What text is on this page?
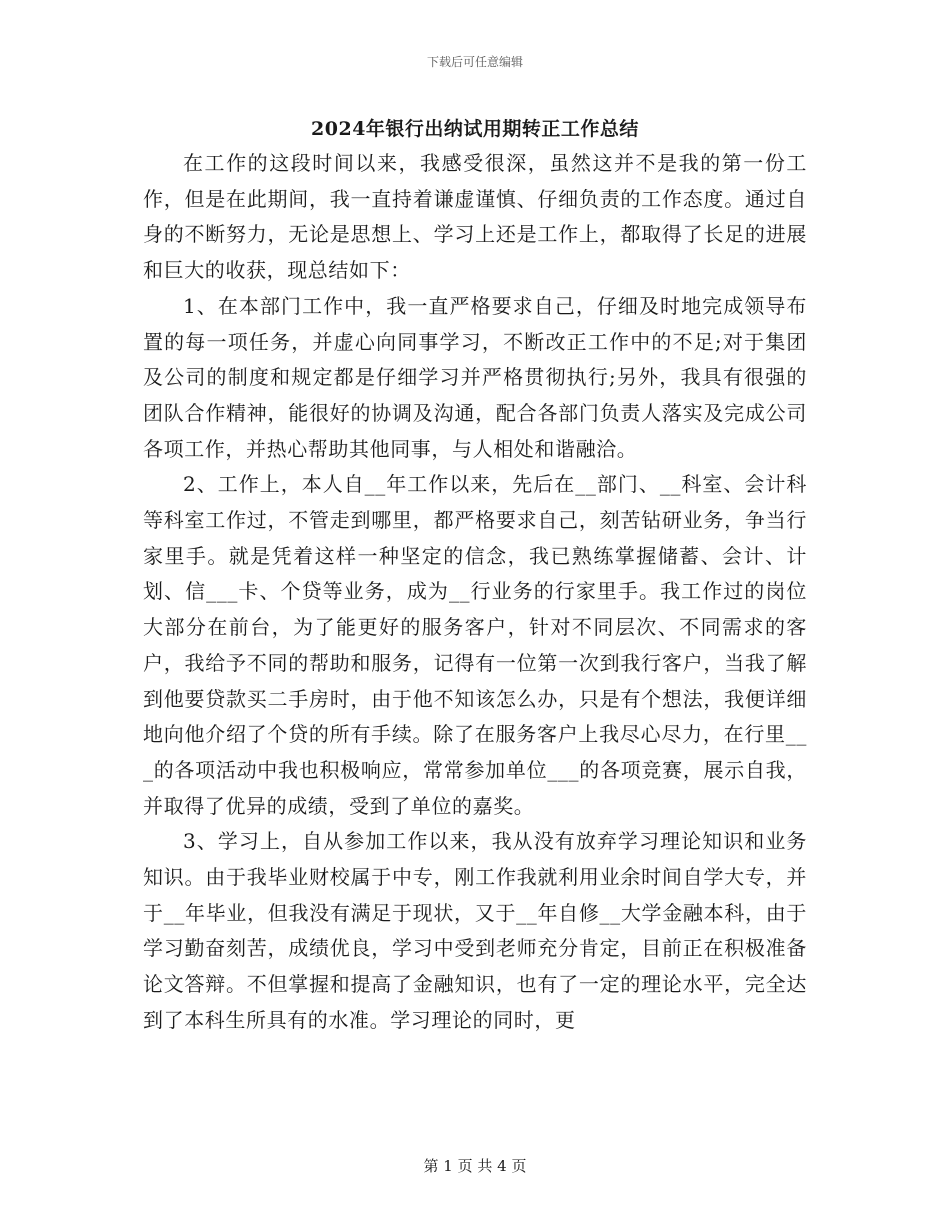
下载后可任意编辑
2024年银行出纳试用期转正工作总结

在工作的这段时间以来，我感受很深，虽然这并不是我的第一份工作，但是在此期间，我一直持着谦虚谨慎、仔细负责的工作态度。通过自身的不断努力，无论是思想上、学习上还是工作上，都取得了长足的进展和巨大的收获，现总结如下：

1、在本部门工作中，我一直严格要求自己，仔细及时地完成领导布置的每一项任务，并虚心向同事学习，不断改正工作中的不足;对于集团及公司的制度和规定都是仔细学习并严格贯彻执行;另外，我具有很强的团队合作精神，能很好的协调及沟通，配合各部门负责人落实及完成公司各项工作，并热心帮助其他同事，与人相处和谐融洽。

2、工作上，本人自__年工作以来，先后在__部门、__科室、会计科等科室工作过，不管走到哪里，都严格要求自己，刻苦钻研业务，争当行家里手。就是凭着这样一种坚定的信念，我已熟练掌握储蓄、会计、计划、信___卡、个贷等业务，成为__行业务的行家里手。我工作过的岗位大部分在前台，为了能更好的服务客户，针对不同层次、不同需求的客户，我给予不同的帮助和服务，记得有一位第一次到我行客户，当我了解到他要贷款买二手房时，由于他不知该怎么办，只是有个想法，我便详细地向他介绍了个贷的所有手续。除了在服务客户上我尽心尽力，在行里___的各项活动中我也积极响应，常常参加单位___的各项竞赛，展示自我，并取得了优异的成绩，受到了单位的嘉奖。

3、学习上，自从参加工作以来，我从没有放弃学习理论知识和业务知识。由于我毕业财校属于中专，刚工作我就利用业余时间自学大专，并于__年毕业，但我没有满足于现状，又于__年自修__大学金融本科，由于学习勤奋刻苦，成绩优良，学习中受到老师充分肯定，目前正在积极准备论文答辩。不但掌握和提高了金融知识，也有了一定的理论水平，完全达到了本科生所具有的水准。学习理论的同时，更

第 1 页 共 4 页
